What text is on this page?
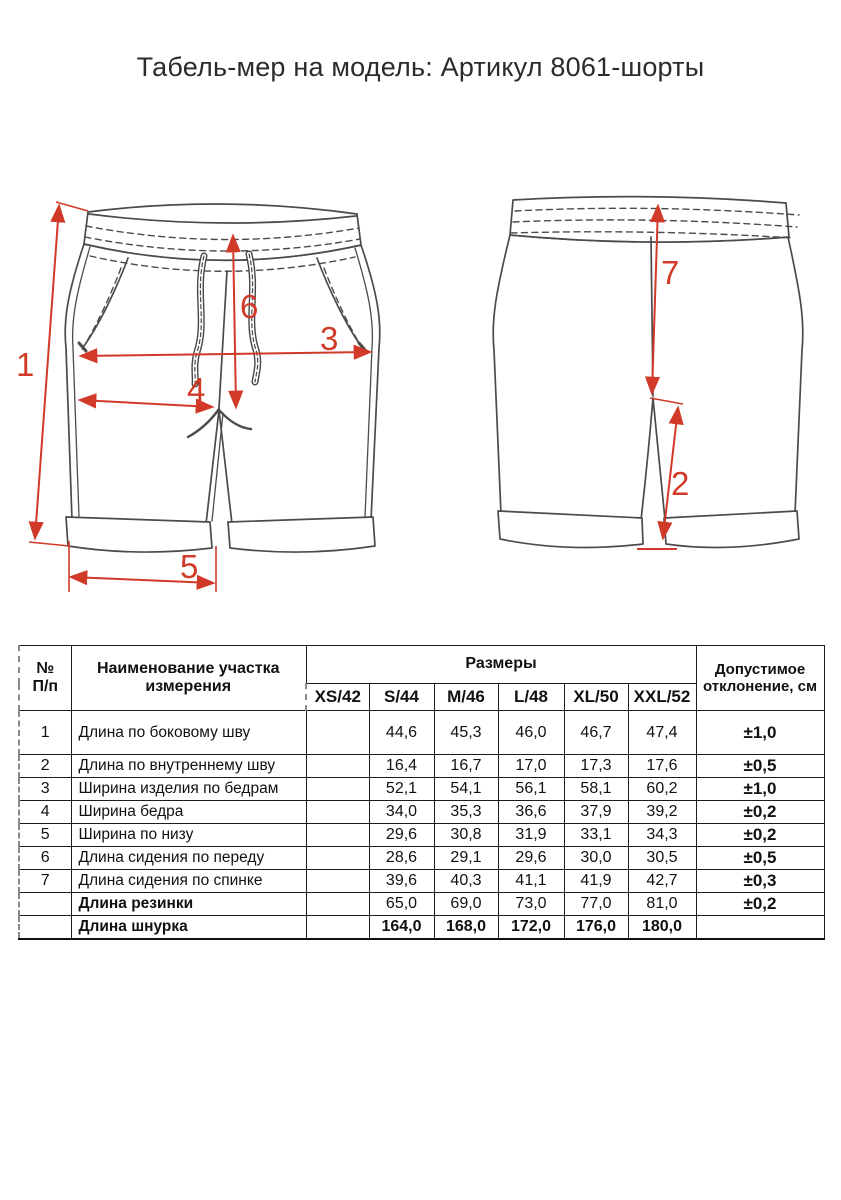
Табель-мер на модель: Артикул 8061-шорты
1
6
3
4
5
7
2
№
П/п	Наименование участка измерения	Размеры						Допустимое отклонение, см
		XS/42	S/44	M/46	L/48	XL/50	XXL/52	
1	Длина по боковому шву		44,6	45,3	46,0	46,7	47,4	±1,0
2	Длина по внутреннему шву		16,4	16,7	17,0	17,3	17,6	±0,5
3	Ширина изделия по бедрам		52,1	54,1	56,1	58,1	60,2	±1,0
4	Ширина бедра		34,0	35,3	36,6	37,9	39,2	±0,2
5	Ширина по низу		29,6	30,8	31,9	33,1	34,3	±0,2
6	Длина сидения по переду		28,6	29,1	29,6	30,0	30,5	±0,5
7	Длина сидения по спинке		39,6	40,3	41,1	41,9	42,7	±0,3
	Длина резинки		65,0	69,0	73,0	77,0	81,0	±0,2
	Длина шнурка		164,0	168,0	172,0	176,0	180,0	
